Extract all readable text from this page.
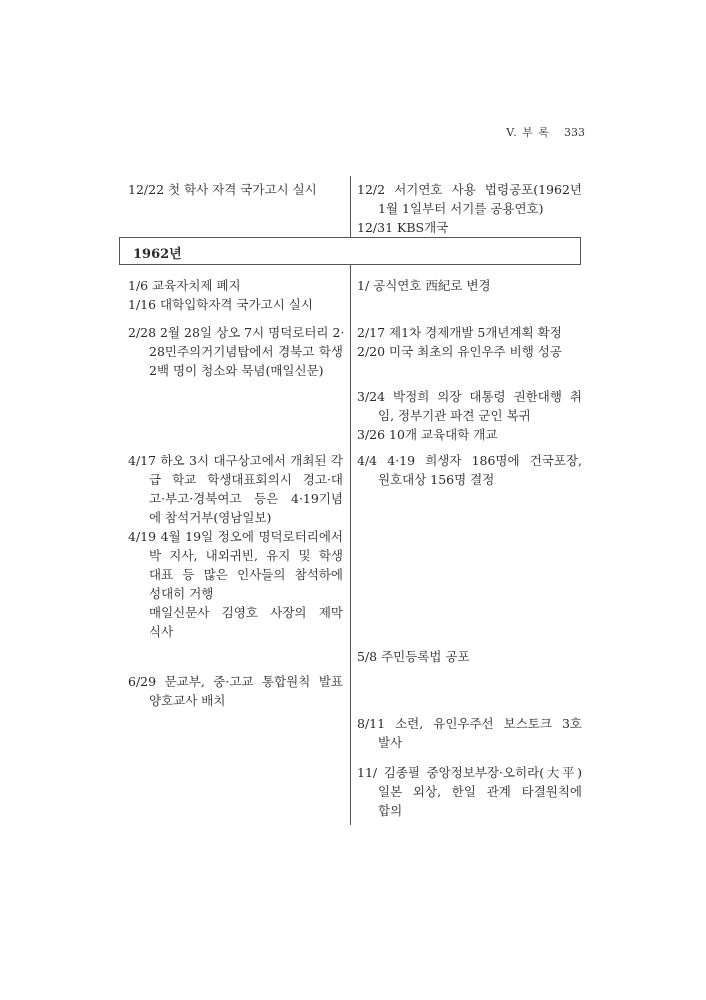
V. 부 록 333
1962년
12/22 첫 학사 자격 국가고시 실시
1/6 교육자치제 폐지
1/16 대학입학자격 국가고시 실시
2/28 2월 28일 상오 7시 명덕로터리 2·
28민주의거기념탑에서 경북고 학생
2백 명이 청소와 묵념(매일신문)
4/17 하오 3시 대구상고에서 개최된 각
급 학교 학생대표회의시 경고·대
고·부고·경북여고 등은 4·19기념
에 참석거부(영남일보)
4/19 4월 19일 정오에 명덕로터리에서
박 지사, 내외귀빈, 유지 및 학생
대표 등 많은 인사들의 참석하에
성대히 거행
매일신문사 김영호 사장의 제막
식사
6/29 문교부, 중·고교 통합원칙 발표
양호교사 배치
12/2 서기연호 사용 법령공포(1962년
1월 1일부터 서기를 공용연호)
12/31 KBS개국
1/ 공식연호 西紀로 변경
2/17 제1차 경제개발 5개년계획 확정
2/20 미국 최초의 유인우주 비행 성공
3/24 박정희 의장 대통령 권한대행 취
임, 정부기관 파견 군인 복귀
3/26 10개 교육대학 개교
4/4 4·19 희생자 186명에 건국포장,
원호대상 156명 결정
5/8 주민등록법 공포
8/11 소련, 유인우주선 보스토크 3호
발사
11/ 김종필 중앙정보부장·오히라(大平)
일본 외상, 한일 관계 타결원칙에
합의
